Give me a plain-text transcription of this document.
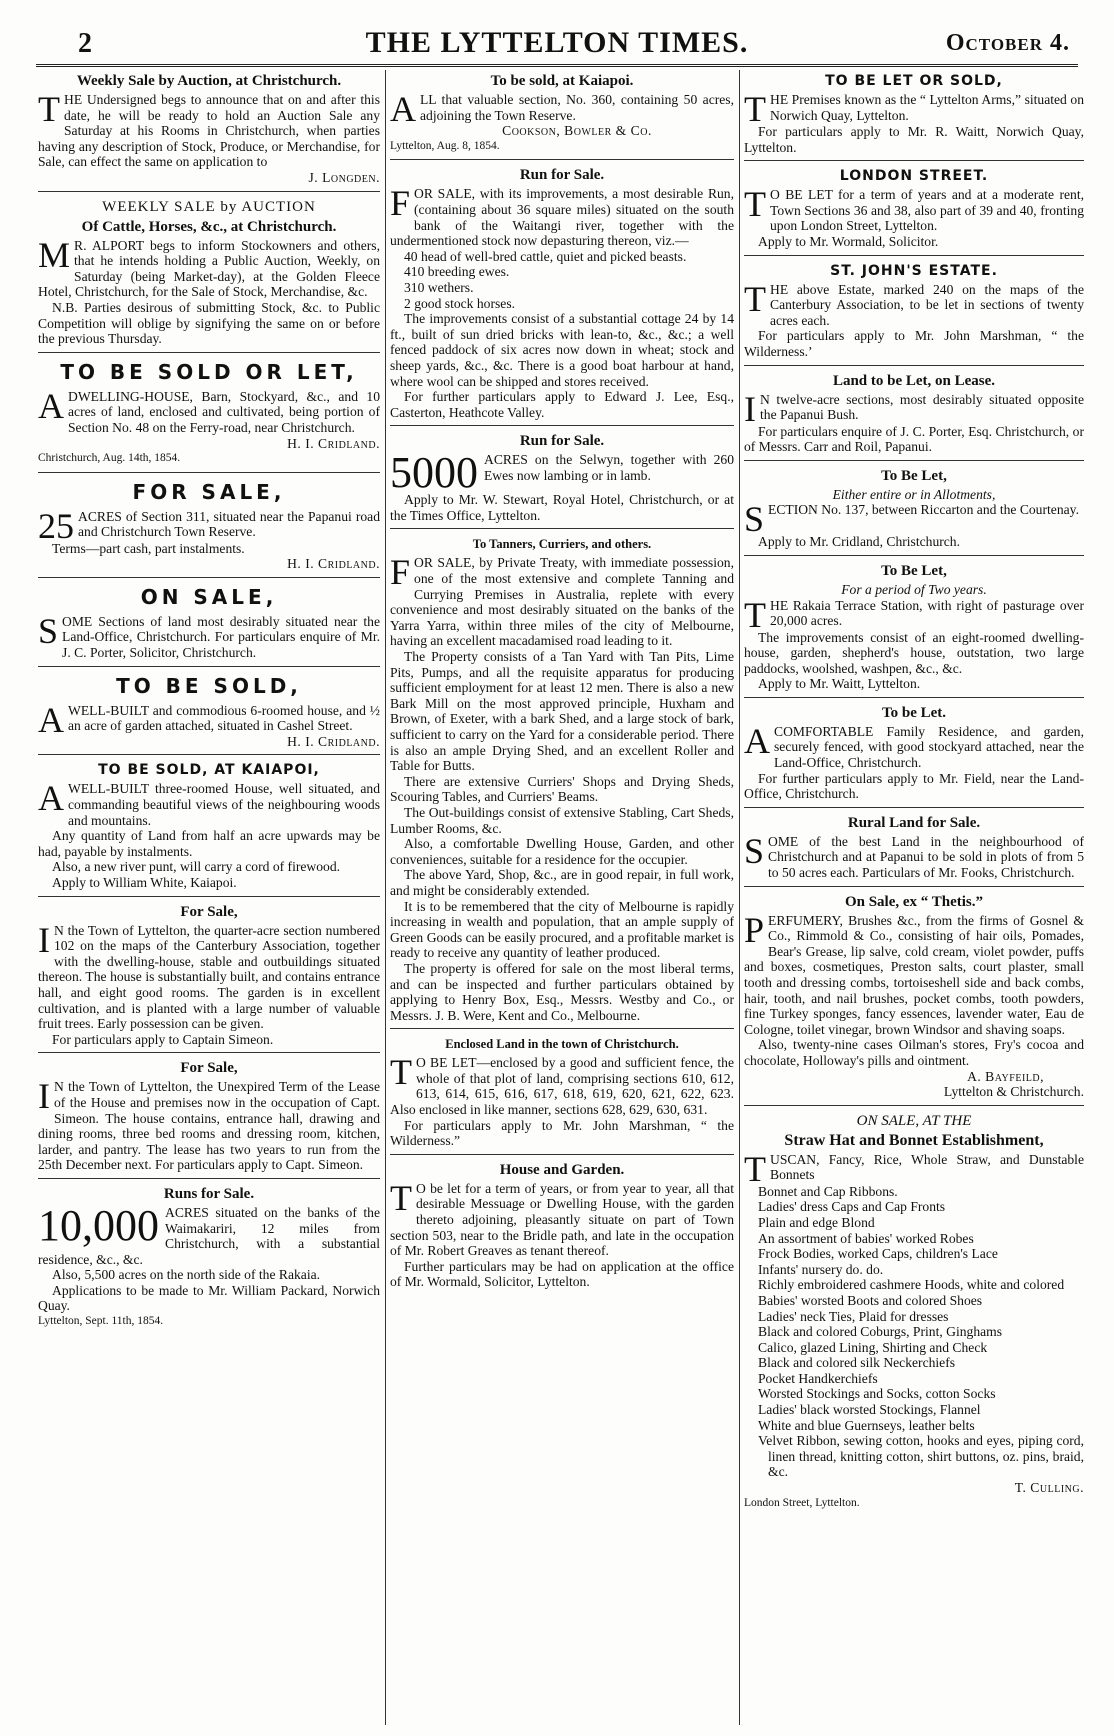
2	THE LYTTELTON TIMES.	October 4.
Weekly Sale by Auction, at Christchurch.
T HE Undersigned begs to announce that on and after this date, he will be ready to hold an Auction Sale any Saturday at his Rooms in Christchurch, when parties having any description of Stock, Produce, or Merchandise, for Sale, can effect the same on application to
J. Longden.
WEEKLY SALE by AUCTION
Of Cattle, Horses, &c., at Christchurch.
M R. ALPORT begs to inform Stockowners and others, that he intends holding a Public Auction, Weekly, on Saturday (being Market-day), at the Golden Fleece Hotel, Christchurch, for the Sale of Stock, Merchandise, &c.

N.B. Parties desirous of submitting Stock, &c. to Public Competition will oblige by signifying the same on or before the previous Thursday.

TO BE SOLD OR LET,
A DWELLING-HOUSE, Barn, Stockyard, &c., and 10 acres of land, enclosed and cultivated, being portion of Section No. 48 on the Ferry-road, near Christchurch.
H. I. Cridland.
Christchurch, Aug. 14th, 1854.
FOR SALE,
25 ACRES of Section 311, situated near the Papanui road and Christchurch Town Reserve.

Terms—part cash, part instalments.

H. I. Cridland.
ON SALE,
S OME Sections of land most desirably situated near the Land-Office, Christchurch. For particulars enquire of Mr. J. C. Porter, Solicitor, Christchurch.
TO BE SOLD,
A WELL-BUILT and commodious 6-roomed house, and ½ an acre of garden attached, situated in Cashel Street.
H. I. Cridland.
TO BE SOLD, AT KAIAPOI,
A WELL-BUILT three-roomed House, well situated, and commanding beautiful views of the neighbouring woods and mountains.

Any quantity of Land from half an acre upwards may be had, payable by instalments.

Also, a new river punt, will carry a cord of firewood.

Apply to William White, Kaiapoi.

For Sale,
I N the Town of Lyttelton, the quarter-acre section numbered 102 on the maps of the Canterbury Association, together with the dwelling-house, stable and outbuildings situated thereon. The house is substantially built, and contains entrance hall, and eight good rooms. The garden is in excellent cultivation, and is planted with a large number of valuable fruit trees. Early possession can be given.

For particulars apply to Captain Simeon.

For Sale,
I N the Town of Lyttelton, the Unexpired Term of the Lease of the House and premises now in the occupation of Capt. Simeon. The house contains, entrance hall, drawing and dining rooms, three bed rooms and dressing room, kitchen, larder, and pantry. The lease has two years to run from the 25th December next. For particulars apply to Capt. Simeon.
Runs for Sale.
10,000 ACRES situated on the banks of the Waimakariri, 12 miles from Christchurch, with a substantial residence, &c., &c.

Also, 5,500 acres on the north side of the Rakaia.

Applications to be made to Mr. William Packard, Norwich Quay.

Lyttelton, Sept. 11th, 1854.
To be sold, at Kaiapoi.
A LL that valuable section, No. 360, containing 50 acres, adjoining the Town Reserve.
Cookson, Bowler & Co.
Lyttelton, Aug. 8, 1854.
Run for Sale.
F OR SALE, with its improvements, a most desirable Run, (containing about 36 square miles) situated on the south bank of the Waitangi river, together with the undermentioned stock now depasturing thereon, viz.—
40 head of well-bred cattle, quiet and picked beasts.
410 breeding ewes.
310 wethers.
2 good stock horses.

The improvements consist of a substantial cottage 24 by 14 ft., built of sun dried bricks with lean-to, &c., &c.; a well fenced paddock of six acres now down in wheat; stock and sheep yards, &c., &c. There is a good boat harbour at hand, where wool can be shipped and stores received.

For further particulars apply to Edward J. Lee, Esq., Casterton, Heathcote Valley.

Run for Sale.
5000 ACRES on the Selwyn, together with 260 Ewes now lambing or in lamb.

Apply to Mr. W. Stewart, Royal Hotel, Christchurch, or at the Times Office, Lyttelton.

To Tanners, Curriers, and others.
F OR SALE, by Private Treaty, with immediate possession, one of the most extensive and complete Tanning and Currying Premises in Australia, replete with every convenience and most desirably situated on the banks of the Yarra Yarra, within three miles of the city of Melbourne, having an excellent macadamised road leading to it.

The Property consists of a Tan Yard with Tan Pits, Lime Pits, Pumps, and all the requisite apparatus for producing sufficient employment for at least 12 men. There is also a new Bark Mill on the most approved principle, Huxham and Brown, of Exeter, with a bark Shed, and a large stock of bark, sufficient to carry on the Yard for a considerable period. There is also an ample Drying Shed, and an excellent Roller and Table for Butts.

There are extensive Curriers' Shops and Drying Sheds, Scouring Tables, and Curriers' Beams.

The Out-buildings consist of extensive Stabling, Cart Sheds, Lumber Rooms, &c.

Also, a comfortable Dwelling House, Garden, and other conveniences, suitable for a residence for the occupier.

The above Yard, Shop, &c., are in good repair, in full work, and might be considerably extended.

It is to be remembered that the city of Melbourne is rapidly increasing in wealth and population, that an ample supply of Green Goods can be easily procured, and a profitable market is ready to receive any quantity of leather produced.

The property is offered for sale on the most liberal terms, and can be inspected and further particulars obtained by applying to Henry Box, Esq., Messrs. Westby and Co., or Messrs. J. B. Were, Kent and Co., Melbourne.

Enclosed Land in the town of Christchurch.
T O BE LET—enclosed by a good and sufficient fence, the whole of that plot of land, comprising sections 610, 612, 613, 614, 615, 616, 617, 618, 619, 620, 621, 622, 623. Also enclosed in like manner, sections 628, 629, 630, 631.

For particulars apply to Mr. John Marshman, “ the Wilderness.”

House and Garden.
T O be let for a term of years, or from year to year, all that desirable Messuage or Dwelling House, with the garden thereto adjoining, pleasantly situate on part of Town section 503, near to the Bridle path, and late in the occupation of Mr. Robert Greaves as tenant thereof.

Further particulars may be had on application at the office of Mr. Wormald, Solicitor, Lyttelton.

TO BE LET OR SOLD,
T HE Premises known as the “ Lyttelton Arms,” situated on Norwich Quay, Lyttelton.

For particulars apply to Mr. R. Waitt, Norwich Quay, Lyttelton.

LONDON STREET.
T O BE LET for a term of years and at a moderate rent, Town Sections 36 and 38, also part of 39 and 40, fronting upon London Street, Lyttelton.

Apply to Mr. Wormald, Solicitor.

ST. JOHN'S ESTATE.
T HE above Estate, marked 240 on the maps of the Canterbury Association, to be let in sections of twenty acres each.

For particulars apply to Mr. John Marshman, “ the Wilderness.’

Land to be Let, on Lease.
I N twelve-acre sections, most desirably situated opposite the Papanui Bush.

For particulars enquire of J. C. Porter, Esq. Christchurch, or of Messrs. Carr and Roil, Papanui.

To Be Let,
Either entire or in Allotments,
S ECTION No. 137, between Riccarton and the Courtenay.

Apply to Mr. Cridland, Christchurch.

To Be Let,
For a period of Two years.
T HE Rakaia Terrace Station, with right of pasturage over 20,000 acres.

The improvements consist of an eight-roomed dwelling-house, garden, shepherd's house, outstation, two large paddocks, woolshed, washpen, &c., &c.

Apply to Mr. Waitt, Lyttelton.

To be Let.
A COMFORTABLE Family Residence, and garden, securely fenced, with good stockyard attached, near the Land-Office, Christchurch.

For further particulars apply to Mr. Field, near the Land-Office, Christchurch.

Rural Land for Sale.
S OME of the best Land in the neighbourhood of Christchurch and at Papanui to be sold in plots of from 5 to 50 acres each. Particulars of Mr. Fooks, Christchurch.
On Sale, ex “ Thetis.”
P ERFUMERY, Brushes &c., from the firms of Gosnel & Co., Rimmold & Co., consisting of hair oils, Pomades, Bear's Grease, lip salve, cold cream, violet powder, puffs and boxes, cosmetiques, Preston salts, court plaster, small tooth and dressing combs, tortoiseshell side and back combs, hair, tooth, and nail brushes, pocket combs, tooth powders, fine Turkey sponges, fancy essences, lavender water, Eau de Cologne, toilet vinegar, brown Windsor and shaving soaps.

Also, twenty-nine cases Oilman's stores, Fry's cocoa and chocolate, Holloway's pills and ointment.

A. Bayfeild,
Lyttelton & Christchurch.
ON SALE, AT THE
Straw Hat and Bonnet Establishment,
T USCAN, Fancy, Rice, Whole Straw, and Dunstable Bonnets
Bonnet and Cap Ribbons.
Ladies' dress Caps and Cap Fronts
Plain and edge Blond
An assortment of babies' worked Robes
Frock Bodies, worked Caps, children's Lace
Infants' nursery do. do.
Richly embroidered cashmere Hoods, white and colored
Babies' worsted Boots and colored Shoes
Ladies' neck Ties, Plaid for dresses
Black and colored Coburgs, Print, Ginghams
Calico, glazed Lining, Shirting and Check
Black and colored silk Neckerchiefs
Pocket Handkerchiefs
Worsted Stockings and Socks, cotton Socks
Ladies' black worsted Stockings, Flannel
White and blue Guernseys, leather belts
Velvet Ribbon, sewing cotton, hooks and eyes, piping cord, linen thread, knitting cotton, shirt buttons, oz. pins, braid, &c.
T. Culling.
London Street, Lyttelton.
